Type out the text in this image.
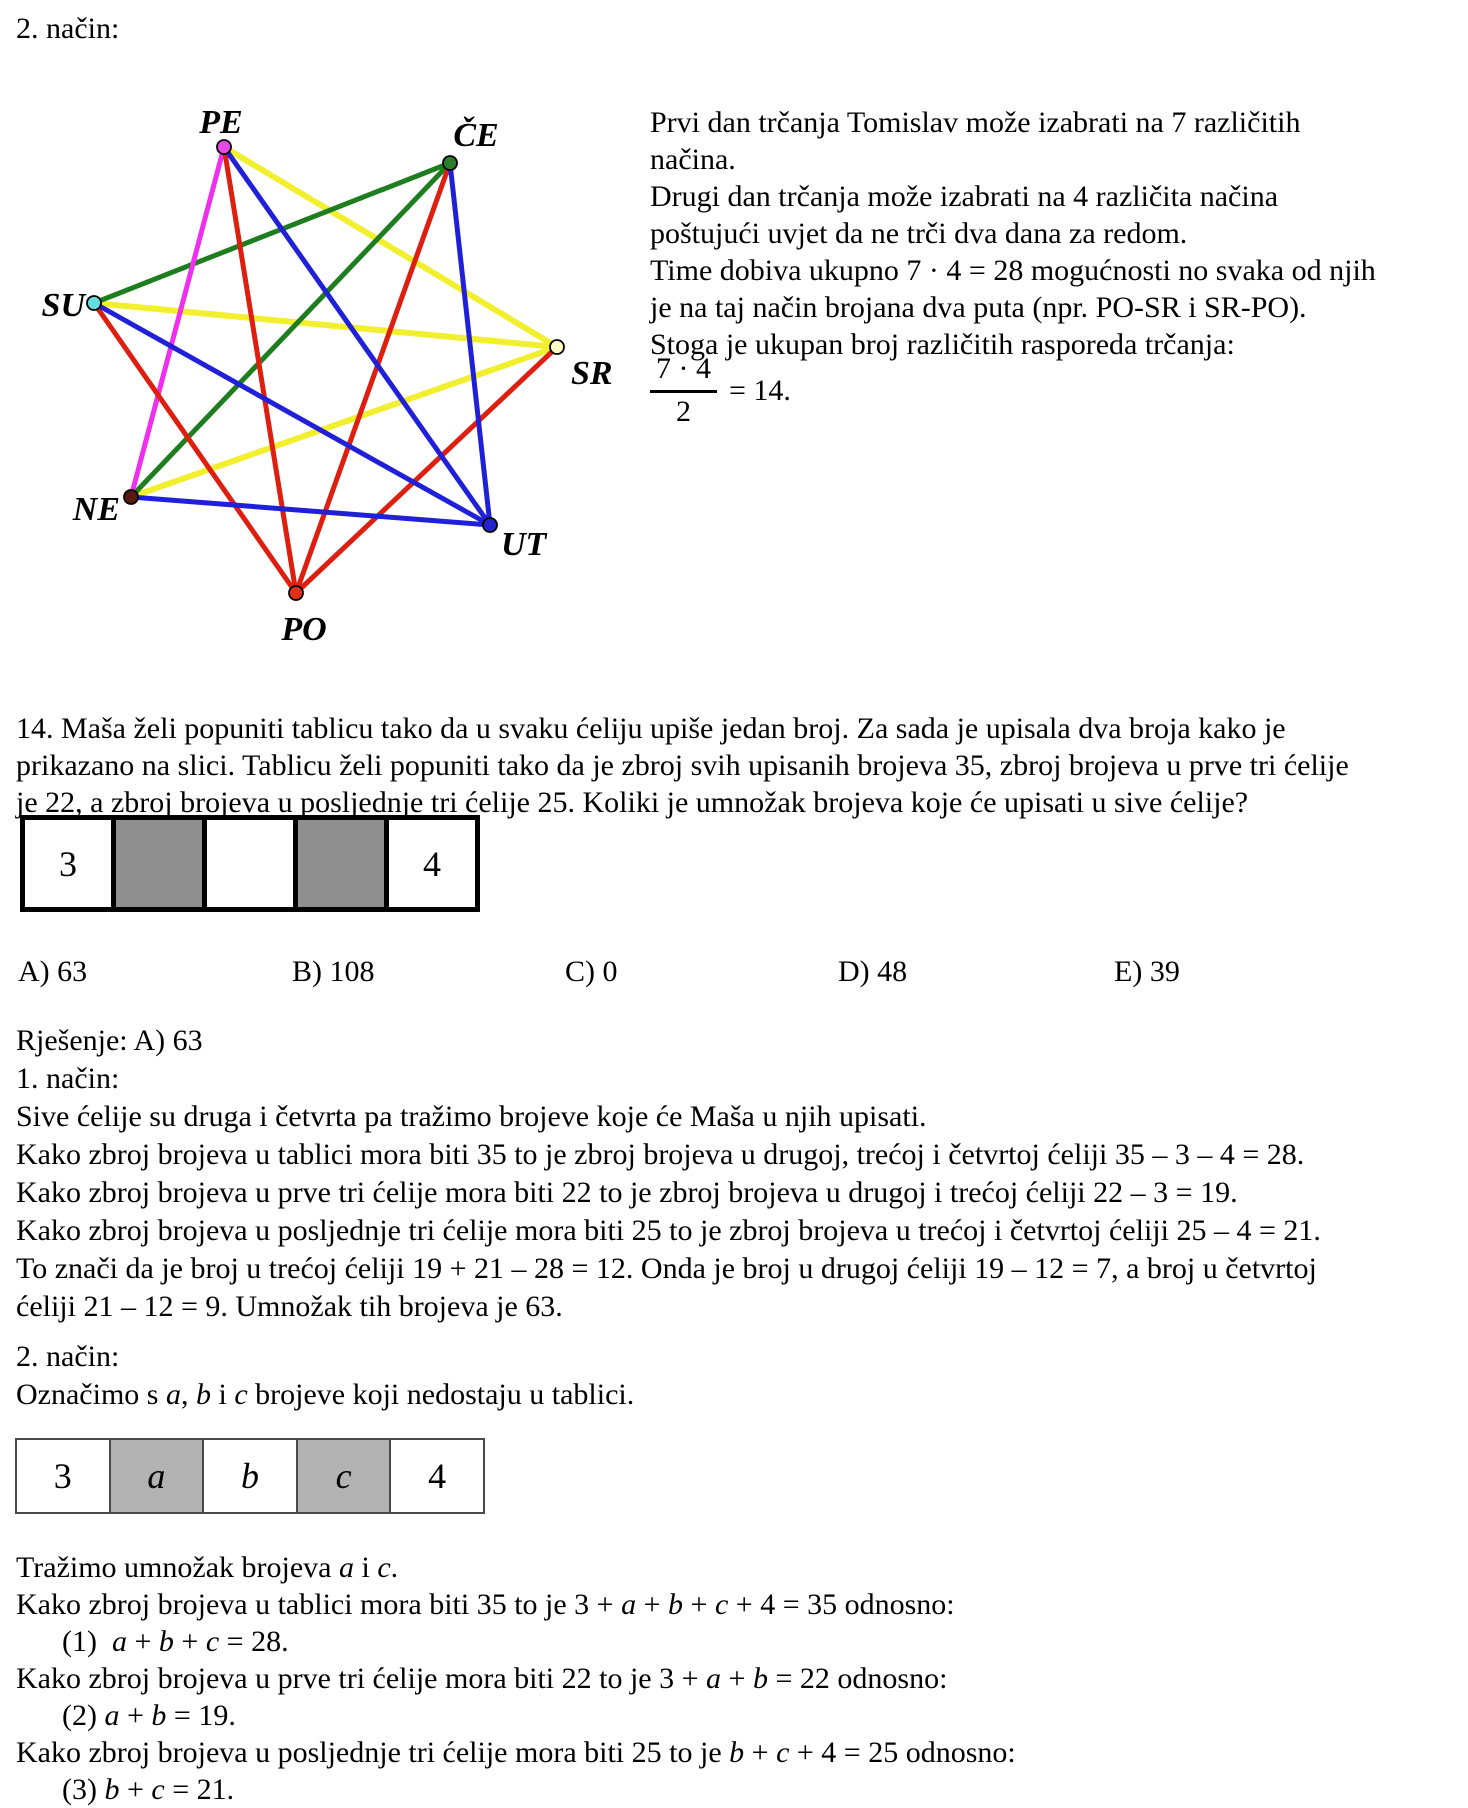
2. način:
PE	ČE
SU
SR
NE
UT
PO
Prvi dan trčanja Tomislav može izabrati na 7 različitih
načina.
Drugi dan trčanja može izabrati na 4 različita načina
poštujući uvjet da ne trči dva dana za redom.
Time dobiva ukupno 7 · 4 = 28 mogućnosti no svaka od njih
je na taj način brojana dva puta (npr. PO-SR i SR-PO).
Stoga je ukupan broj različitih rasporeda trčanja:
$\frac{7 \cdot 4}{2} = 14$.
14. Maša želi popuniti tablicu tako da u svaku ćeliju upiše jedan broj. Za sada je upisala dva broja kako je
prikazano na slici. Tablicu želi popuniti tako da je zbroj svih upisanih brojeva 35, zbroj brojeva u prve tri ćelije
je 22, a zbroj brojeva u posljednje tri ćelije 25. Koliki je umnožak brojeva koje će upisati u sive ćelije?
3	4
A) 63	B) 108	C) 0	D) 48	E) 39
Rješenje: A) 63
1. način:
Sive ćelije su druga i četvrta pa tražimo brojeve koje će Maša u njih upisati.
Kako zbroj brojeva u tablici mora biti 35 to je zbroj brojeva u drugoj, trećoj i četvrtoj ćeliji 35 – 3 – 4 = 28.
Kako zbroj brojeva u prve tri ćelije mora biti 22 to je zbroj brojeva u drugoj i trećoj ćeliji 22 – 3 = 19.
Kako zbroj brojeva u posljednje tri ćelije mora biti 25 to je zbroj brojeva u trećoj i četvrtoj ćeliji 25 – 4 = 21.
To znači da je broj u trećoj ćeliji 19 + 21 – 28 = 12. Onda je broj u drugoj ćeliji 19 – 12 = 7, a broj u četvrtoj
ćeliji 21 – 12 = 9. Umnožak tih brojeva je 63.
2. način:
Označimo s a, b i c brojeve koji nedostaju u tablici.
3 a b c 4
Tražimo umnožak brojeva a i c.
Kako zbroj brojeva u tablici mora biti 35 to je 3 + a + b + c + 4 = 35 odnosno:
(1)  a + b + c = 28.
Kako zbroj brojeva u prve tri ćelije mora biti 22 to je 3 + a + b = 22 odnosno:
(2) a + b = 19.
Kako zbroj brojeva u posljednje tri ćelije mora biti 25 to je b + c + 4 = 25 odnosno:
(3) b + c = 21.
